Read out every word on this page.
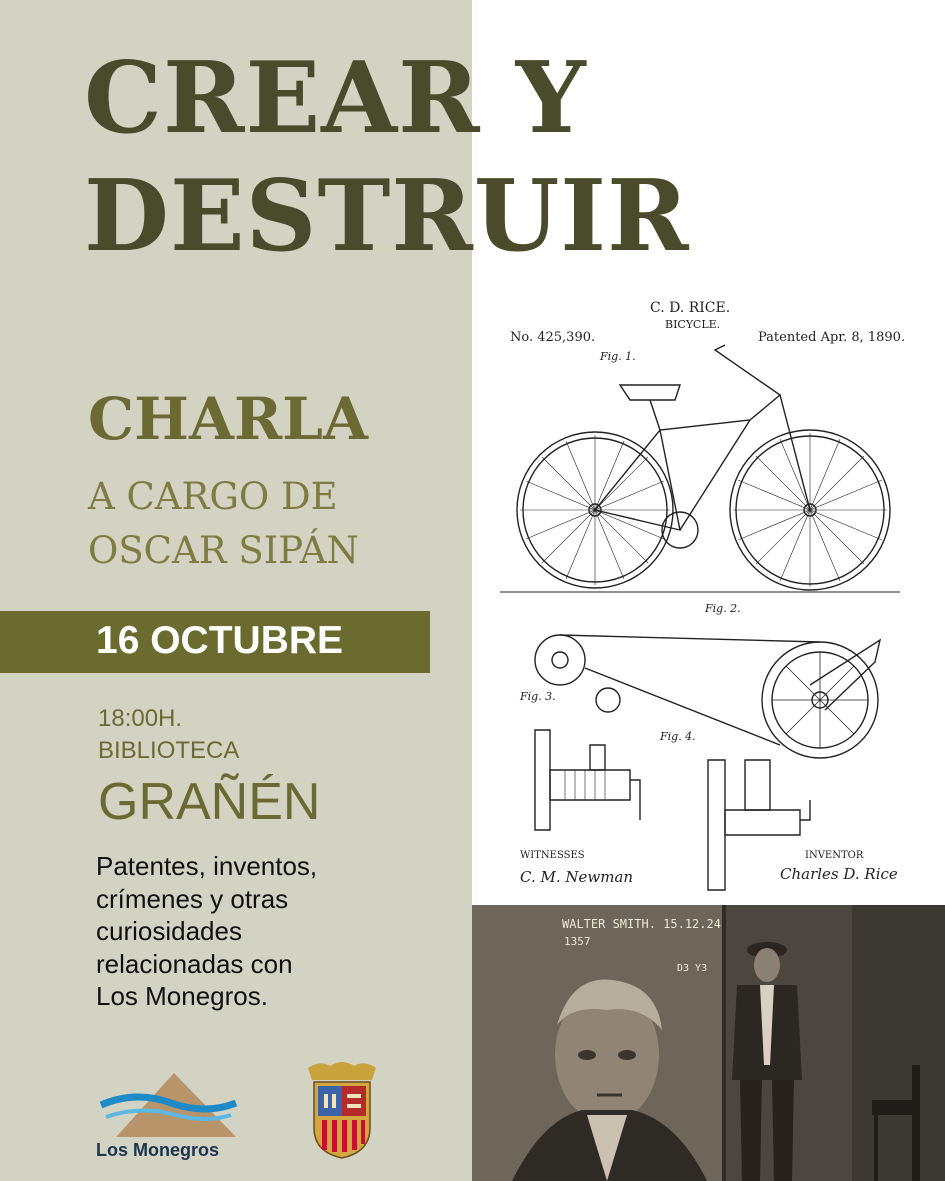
CREAR Y
DESTRUIR
C. D. RICE.
BICYCLE.
No. 425,390.	Patented Apr. 8, 1890.
Fig. 1.
Fig. 2.
Fig. 3.
Fig. 4.
WITNESSES	INVENTOR
C. M. Newman	Charles D. Rice
WALTER SMITH. 15.12.24
1357
D3 Y3
CHARLA
A CARGO DE
OSCAR SIPÁN
16 OCTUBRE
18:00H.
BIBLIOTECA
GRAÑÉN
Patentes, inventos,
crímenes y otras
curiosidades
relacionadas con
Los Monegros.
Los Monegros
